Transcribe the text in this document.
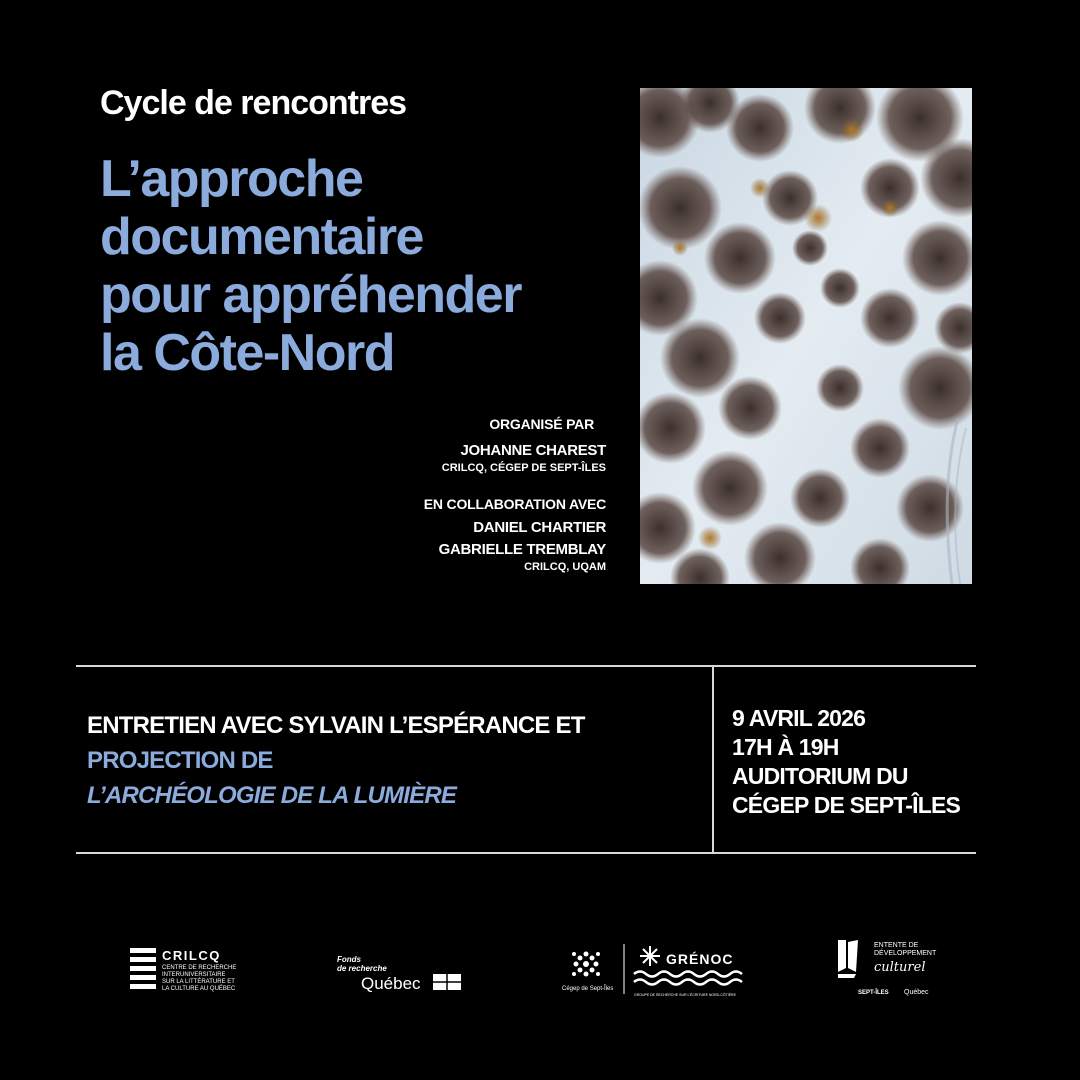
Cycle de rencontres
L’approche
documentaire
pour appréhender
la Côte-Nord
ORGANISÉ PAR
JOHANNE CHAREST
CRILCQ, CÉGEP DE SEPT-ÎLES
EN COLLABORATION AVEC
DANIEL CHARTIER
GABRIELLE TREMBLAY
CRILCQ, UQAM
ENTRETIEN AVEC SYLVAIN L’ESPÉRANCE ET
PROJECTION DE
L’ARCHÉOLOGIE DE LA LUMIÈRE
9 AVRIL 2026
17H À 19H
AUDITORIUM DU
CÉGEP DE SEPT-ÎLES
CRILCQ
CENTRE DE RECHERCHE
INTERUNIVERSITAIRE
SUR LA LITTÉRATURE ET
LA CULTURE AU QUÉBEC
Fonds
de recherche
Québec	Cégep de Sept-Îles
GRÉNOC
GROUPE DE RECHERCHE SUR L’ÉCRITURE NORD-CÔTIÈRE
ENTENTE DE
DÉVELOPPEMENT
culturel
SEPT-ÎLES Québec
